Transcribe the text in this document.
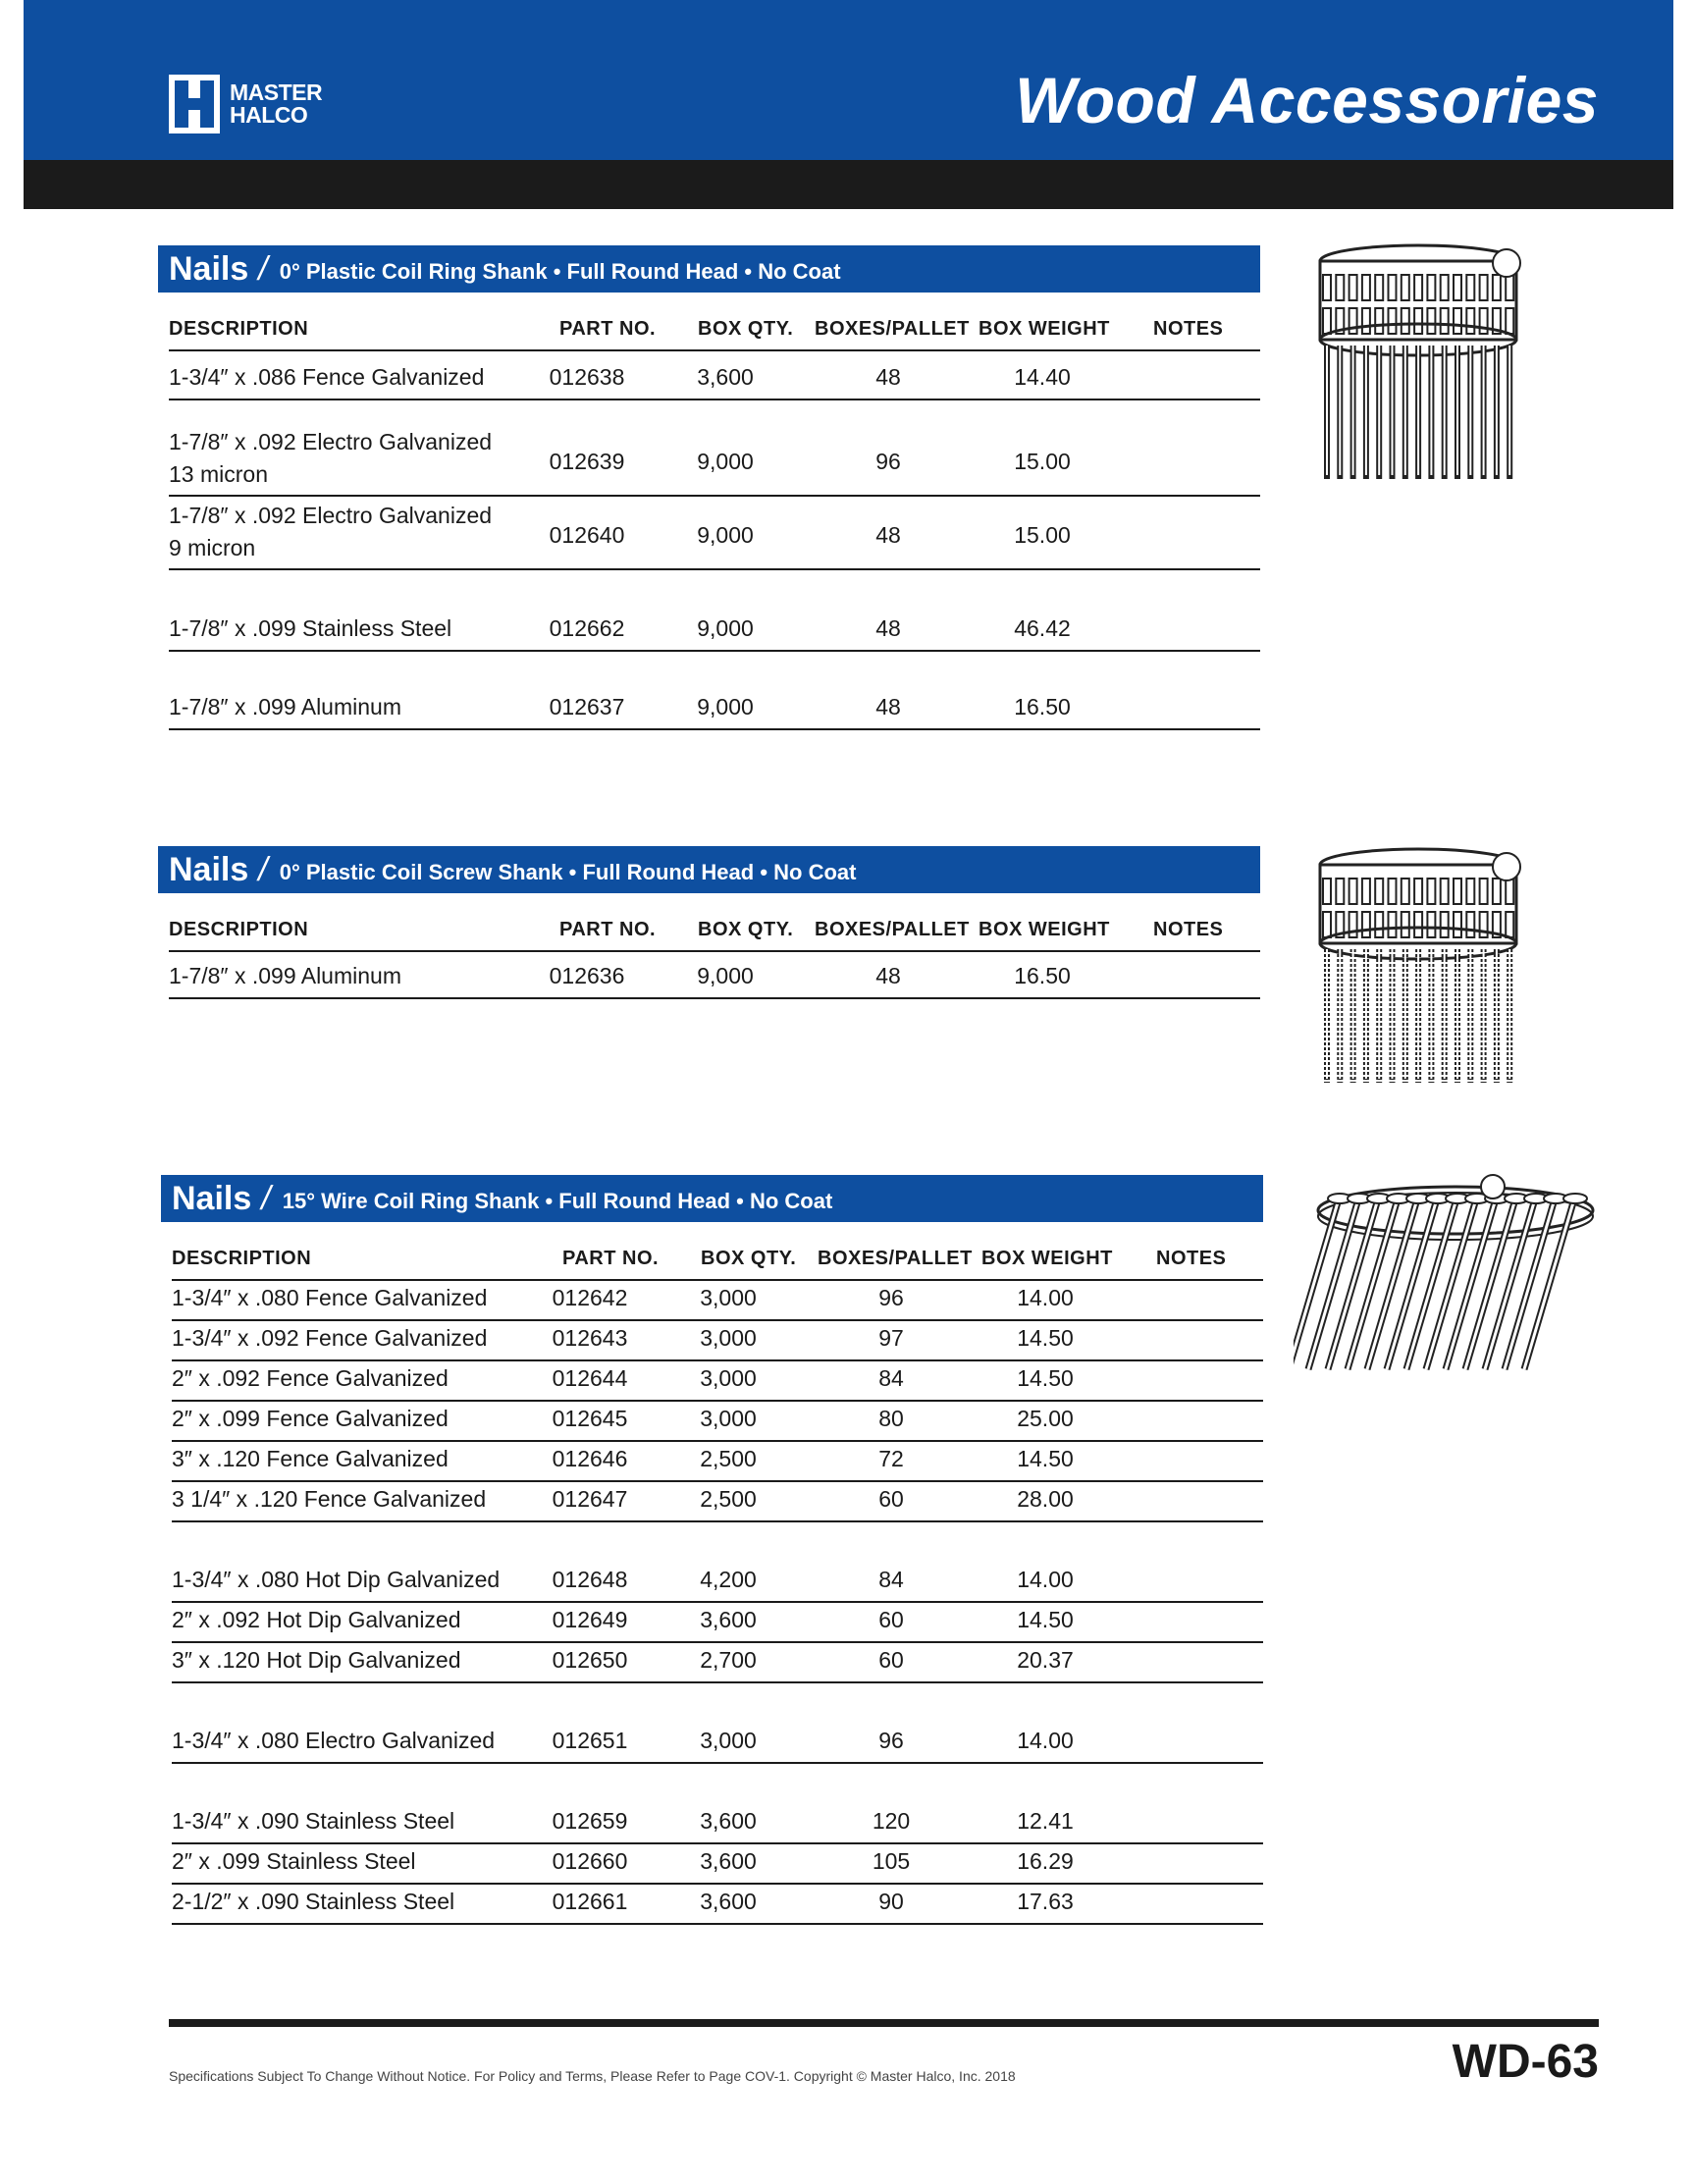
MASTER
HALCO	Wood Accessories
Nails / 0° Plastic Coil Ring Shank • Full Round Head • No Coat
DESCRIPTION	PART NO. BOX QTY. BOXES/PALLET BOX WEIGHT NOTES
1-3/4″ x .086 Fence Galvanized	012638	3,600	48	14.40
1-7/8″ x .092 Electro Galvanized
13 micron	012639	9,000	96	15.00
1-7/8″ x .092 Electro Galvanized
9 micron	012640	9,000	48	15.00
1-7/8″ x .099 Stainless Steel	012662	9,000	48	46.42
1-7/8″ x .099 Aluminum	012637	9,000	48	16.50
Nails / 0° Plastic Coil Screw Shank • Full Round Head • No Coat
DESCRIPTION	PART NO. BOX QTY. BOXES/PALLET BOX WEIGHT NOTES
1-7/8″ x .099 Aluminum	012636	9,000	48	16.50
Nails / 15° Wire Coil Ring Shank • Full Round Head • No Coat
DESCRIPTION	PART NO. BOX QTY. BOXES/PALLET BOX WEIGHT NOTES
1-3/4″ x .080 Fence Galvanized	012642	3,000	96	14.00
1-3/4″ x .092 Fence Galvanized	012643	3,000	97	14.50
2″ x .092 Fence Galvanized	012644	3,000	84	14.50
2″ x .099 Fence Galvanized	012645	3,000	80	25.00
3″ x .120 Fence Galvanized	012646	2,500	72	14.50
3 1/4″ x .120 Fence Galvanized	012647	2,500	60	28.00
1-3/4″ x .080 Hot Dip Galvanized 012648	4,200	84	14.00
2″ x .092 Hot Dip Galvanized	012649	3,600	60	14.50
3″ x .120 Hot Dip Galvanized	012650	2,700	60	20.37
1-3/4″ x .080 Electro Galvanized	012651	3,000	96	14.00
1-3/4″ x .090 Stainless Steel	012659	3,600	120	12.41
2″ x .099 Stainless Steel	012660	3,600	105	16.29
2-1/2″ x .090 Stainless Steel	012661	3,600	90	17.63
WD-63
Specifications Subject To Change Without Notice. For Policy and Terms, Please Refer to Page COV-1. Copyright © Master Halco, Inc. 2018
